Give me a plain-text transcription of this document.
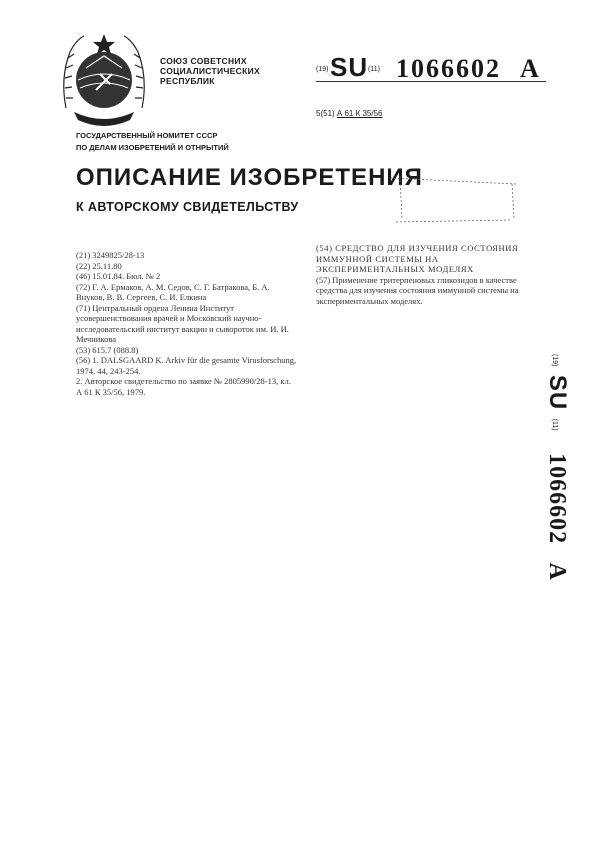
СОЮЗ СОВЕТСНИХ
СОЦИАЛИСТИЧЕСКИХ
РЕСПУБЛИК
(19) SU (11) 1066602 A
5(51) А 61 К 35/56
ГОСУДАРСТВЕННЫЙ НОМИТЕТ СССР
ПО ДЕЛАМ ИЗОБРЕТЕНИЙ И ОТНРЫТИЙ
ОПИСАНИЕ ИЗОБРЕТЕНИЯ
К АВТОРСКОМУ СВИДЕТЕЛЬСТВУ

(21) 3249825/28-13

(22) 25.11.80

(46) 15.01.84. Бюл. № 2

(72) Г. А. Ермаков, А. М. Седов, С. Г. Батракова, Б. А. Внуков, В. В. Сергеев, С. И. Елкина

(71) Центральный ордена Ленина Институт усовершенствования врачей и Московский научно-исследовательский институт вакцин и сывороток им. И. И. Мечникова

(53) 615.7 (088.8)

(56) 1. DALSGAARD K. Arkiv für die gesamte Virusforschung, 1974, 44, 243-254.

2. Авторское свидетельство по заявке № 2805990/28-13, кл. А 61 К 35/56, 1979.

(54) СРЕДСТВО ДЛЯ ИЗУЧЕНИЯ СОСТОЯНИЯ ИММУННОЙ СИСТЕМЫ НА ЭКСПЕРИМЕНТАЛЬНЫХ МОДЕЛЯХ

(57) Применение тритерпеновых гликозидов в качестве средства для изучения состояния иммунной системы на экспериментальных моделях.

(19) SU (11) 1066602 A
